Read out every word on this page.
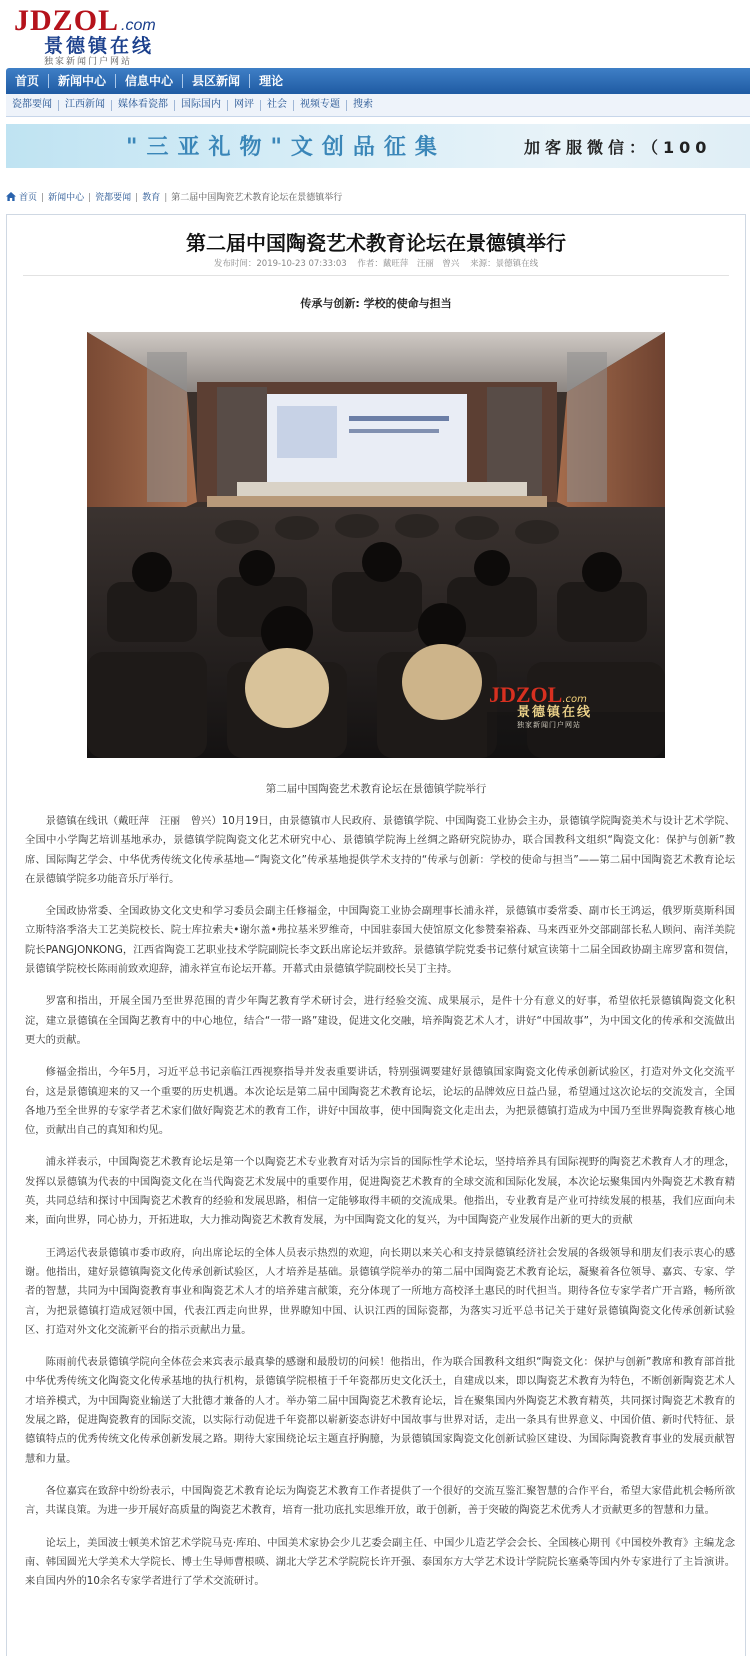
JDZOL .com
景德镇在线
独家新闻门户网站
首页	新闻中心	信息中心	县区新闻	理论
瓷都要闻	江西新闻	媒体看瓷都	国际国内	网评	社会	视频专题	搜索
"三亚礼物"文创品征集	加客服微信：（100
首页 | 新闻中心 | 瓷都要闻 | 教育 | 第二届中国陶瓷艺术教育论坛在景德镇举行
第二届中国陶瓷艺术教育论坛在景德镇举行
发布时间：2019-10-23 07:33:03 作者：戴旺萍　汪丽　曾兴 来源：景德镇在线
传承与创新: 学校的使命与担当
JDZOL.com
景德镇在线
独家新闻门户网站
第二届中国陶瓷艺术教育论坛在景德镇学院举行

景德镇在线讯（戴旺萍　汪丽　曾兴）10月19日，由景德镇市人民政府、景德镇学院、中国陶瓷工业协会主办，景德镇学院陶瓷美术与设计艺术学院、全国中小学陶艺培训基地承办，景德镇学院陶瓷文化艺术研究中心、景德镇学院海上丝绸之路研究院协办，联合国教科文组织“陶瓷文化：保护与创新”教席、国际陶艺学会、中华优秀传统文化传承基地—“陶瓷文化”传承基地提供学术支持的“传承与创新：学校的使命与担当”——第二届中国陶瓷艺术教育论坛在景德镇学院多功能音乐厅举行。

全国政协常委、全国政协文化文史和学习委员会副主任修福金，中国陶瓷工业协会副理事长浦永祥，景德镇市委常委、副市长王鸿运，俄罗斯莫斯科国立斯特洛季洛夫工艺美院校长、院士库拉索夫•谢尔盖•弗拉基米罗维奇，中国驻泰国大使馆原文化参赞秦裕森、马来西亚外交部副部长私人顾问、南洋美院院长PANGJONKONG，江西省陶瓷工艺职业技术学院副院长李文跃出席论坛并致辞。景德镇学院党委书记蔡付斌宣读第十二届全国政协副主席罗富和贺信，景德镇学院校长陈雨前致欢迎辞，浦永祥宣布论坛开幕。开幕式由景德镇学院副校长吴丁主持。

罗富和指出，开展全国乃至世界范围的青少年陶艺教育学术研讨会，进行经验交流、成果展示，是件十分有意义的好事，希望依托景德镇陶瓷文化积淀，建立景德镇在全国陶艺教育中的中心地位，结合“一带一路”建设，促进文化交融，培养陶瓷艺术人才，讲好“中国故事”，为中国文化的传承和交流做出更大的贡献。

修福金指出，今年5月，习近平总书记亲临江西视察指导并发表重要讲话，特别强调要建好景德镇国家陶瓷文化传承创新试验区，打造对外文化交流平台，这是景德镇迎来的又一个重要的历史机遇。本次论坛是第二届中国陶瓷艺术教育论坛，论坛的品牌效应日益凸显，希望通过这次论坛的交流发言，全国各地乃至全世界的专家学者艺术家们做好陶瓷艺术的教育工作，讲好中国故事，使中国陶瓷文化走出去，为把景德镇打造成为中国乃至世界陶瓷教育核心地位，贡献出自己的真知和灼见。

浦永祥表示，中国陶瓷艺术教育论坛是第一个以陶瓷艺术专业教育对话为宗旨的国际性学术论坛，坚持培养具有国际视野的陶瓷艺术教育人才的理念，发挥以景德镇为代表的中国陶瓷文化在当代陶瓷艺术发展中的重要作用，促进陶瓷艺术教育的全球交流和国际化发展，本次论坛聚集国内外陶瓷艺术教育精英，共同总结和探讨中国陶瓷艺术教育的经验和发展思路，相信一定能够取得丰硕的交流成果。他指出，专业教育是产业可持续发展的根基，我们应面向未来，面向世界，同心协力，开拓进取，大力推动陶瓷艺术教育发展，为中国陶瓷文化的复兴，为中国陶瓷产业发展作出新的更大的贡献

王鸿运代表景德镇市委市政府，向出席论坛的全体人员表示热烈的欢迎，向长期以来关心和支持景德镇经济社会发展的各级领导和朋友们表示衷心的感谢。他指出，建好景德镇陶瓷文化传承创新试验区，人才培养是基础。景德镇学院举办的第二届中国陶瓷艺术教育论坛，凝聚着各位领导、嘉宾、专家、学者的智慧，共同为中国陶瓷教育事业和陶瓷艺术人才的培养建言献策，充分体现了一所地方高校泽土惠民的时代担当。期待各位专家学者广开言路，畅所欲言，为把景德镇打造成冠领中国，代表江西走向世界，世界瞭知中国、认识江西的国际瓷都，为落实习近平总书记关于建好景德镇陶瓷文化传承创新试验区、打造对外文化交流新平台的指示贡献出力量。

陈雨前代表景德镇学院向全体莅会来宾表示最真挚的感谢和最殷切的问候！他指出，作为联合国教科文组织“陶瓷文化：保护与创新”教席和教育部首批中华优秀传统文化陶瓷文化传承基地的执行机构，景德镇学院根植于千年瓷都历史文化沃土，自建成以来，即以陶瓷艺术教育为特色，不断创新陶瓷艺术人才培养模式，为中国陶瓷业输送了大批德才兼备的人才。举办第二届中国陶瓷艺术教育论坛，旨在聚集国内外陶瓷艺术教育精英，共同探讨陶瓷艺术教育的发展之路，促进陶瓷教育的国际交流，以实际行动促进千年瓷都以崭新姿态讲好中国故事与世界对话，走出一条具有世界意义、中国价值、新时代特征、景德镇特点的优秀传统文化传承创新发展之路。期待大家围绕论坛主题直抒胸臆，为景德镇国家陶瓷文化创新试验区建设、为国际陶瓷教育事业的发展贡献智慧和力量。

各位嘉宾在致辞中纷纷表示，中国陶瓷艺术教育论坛为陶瓷艺术教育工作者提供了一个很好的交流互鉴汇聚智慧的合作平台，希望大家借此机会畅所欲言，共谋良策。为进一步开展好高质量的陶瓷艺术教育，培育一批功底扎实思维开放，敢于创新，善于突破的陶瓷艺术优秀人才贡献更多的智慧和力量。

论坛上，美国波士顿美术馆艺术学院马克·库珀、中国美术家协会少儿艺委会副主任、中国少儿造艺学会会长、全国核心期刊《中国校外教育》主编龙念南、韩国圆光大学美术大学院长、博士生导师曹根暎、湖北大学艺术学院院长许开强、泰国东方大学艺术设计学院院长塞桑等国内外专家进行了主旨演讲。来自国内外的10余名专家学者进行了学术交流研讨。
